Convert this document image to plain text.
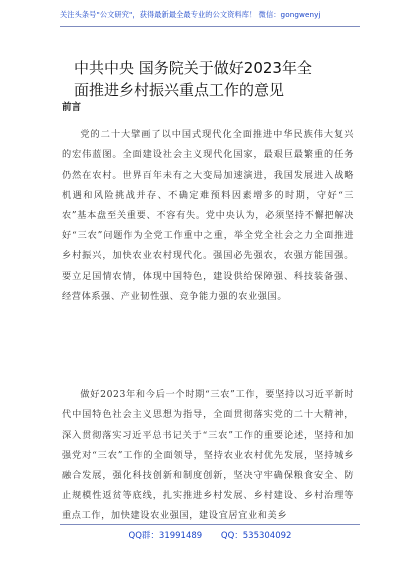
关注头条号"公文研究"，获得最新最全最专业的公文资料库！ 微信：gongwenyj
中共中央 国务院关于做好2023年全
面推进乡村振兴重点工作的意见
前言

党的二十大擘画了以中国式现代化全面推进中华民族伟大复兴的宏伟蓝图。全面建设社会主义现代化国家，最艰巨最繁重的任务仍然在农村。世界百年未有之大变局加速演进，我国发展进入战略机遇和风险挑战并存、不确定难预料因素增多的时期，守好“三农”基本盘至关重要、不容有失。党中央认为，必须坚持不懈把解决好“三农”问题作为全党工作重中之重，举全党全社会之力全面推进乡村振兴，加快农业农村现代化。强国必先强农，农强方能国强。要立足国情农情，体现中国特色，建设供给保障强、科技装备强、经营体系强、产业韧性强、竞争能力强的农业强国。

做好2023年和今后一个时期“三农”工作，要坚持以习近平新时代中国特色社会主义思想为指导，全面贯彻落实党的二十大精神，深入贯彻落实习近平总书记关于“三农”工作的重要论述，坚持和加强党对“三农”工作的全面领导，坚持农业农村优先发展，坚持城乡融合发展，强化科技创新和制度创新，坚决守牢确保粮食安全、防止规模性返贫等底线，扎实推进乡村发展、乡村建设、乡村治理等重点工作，加快建设农业强国，建设宜居宜业和美乡

QQ群：31991489 QQ：535304092
